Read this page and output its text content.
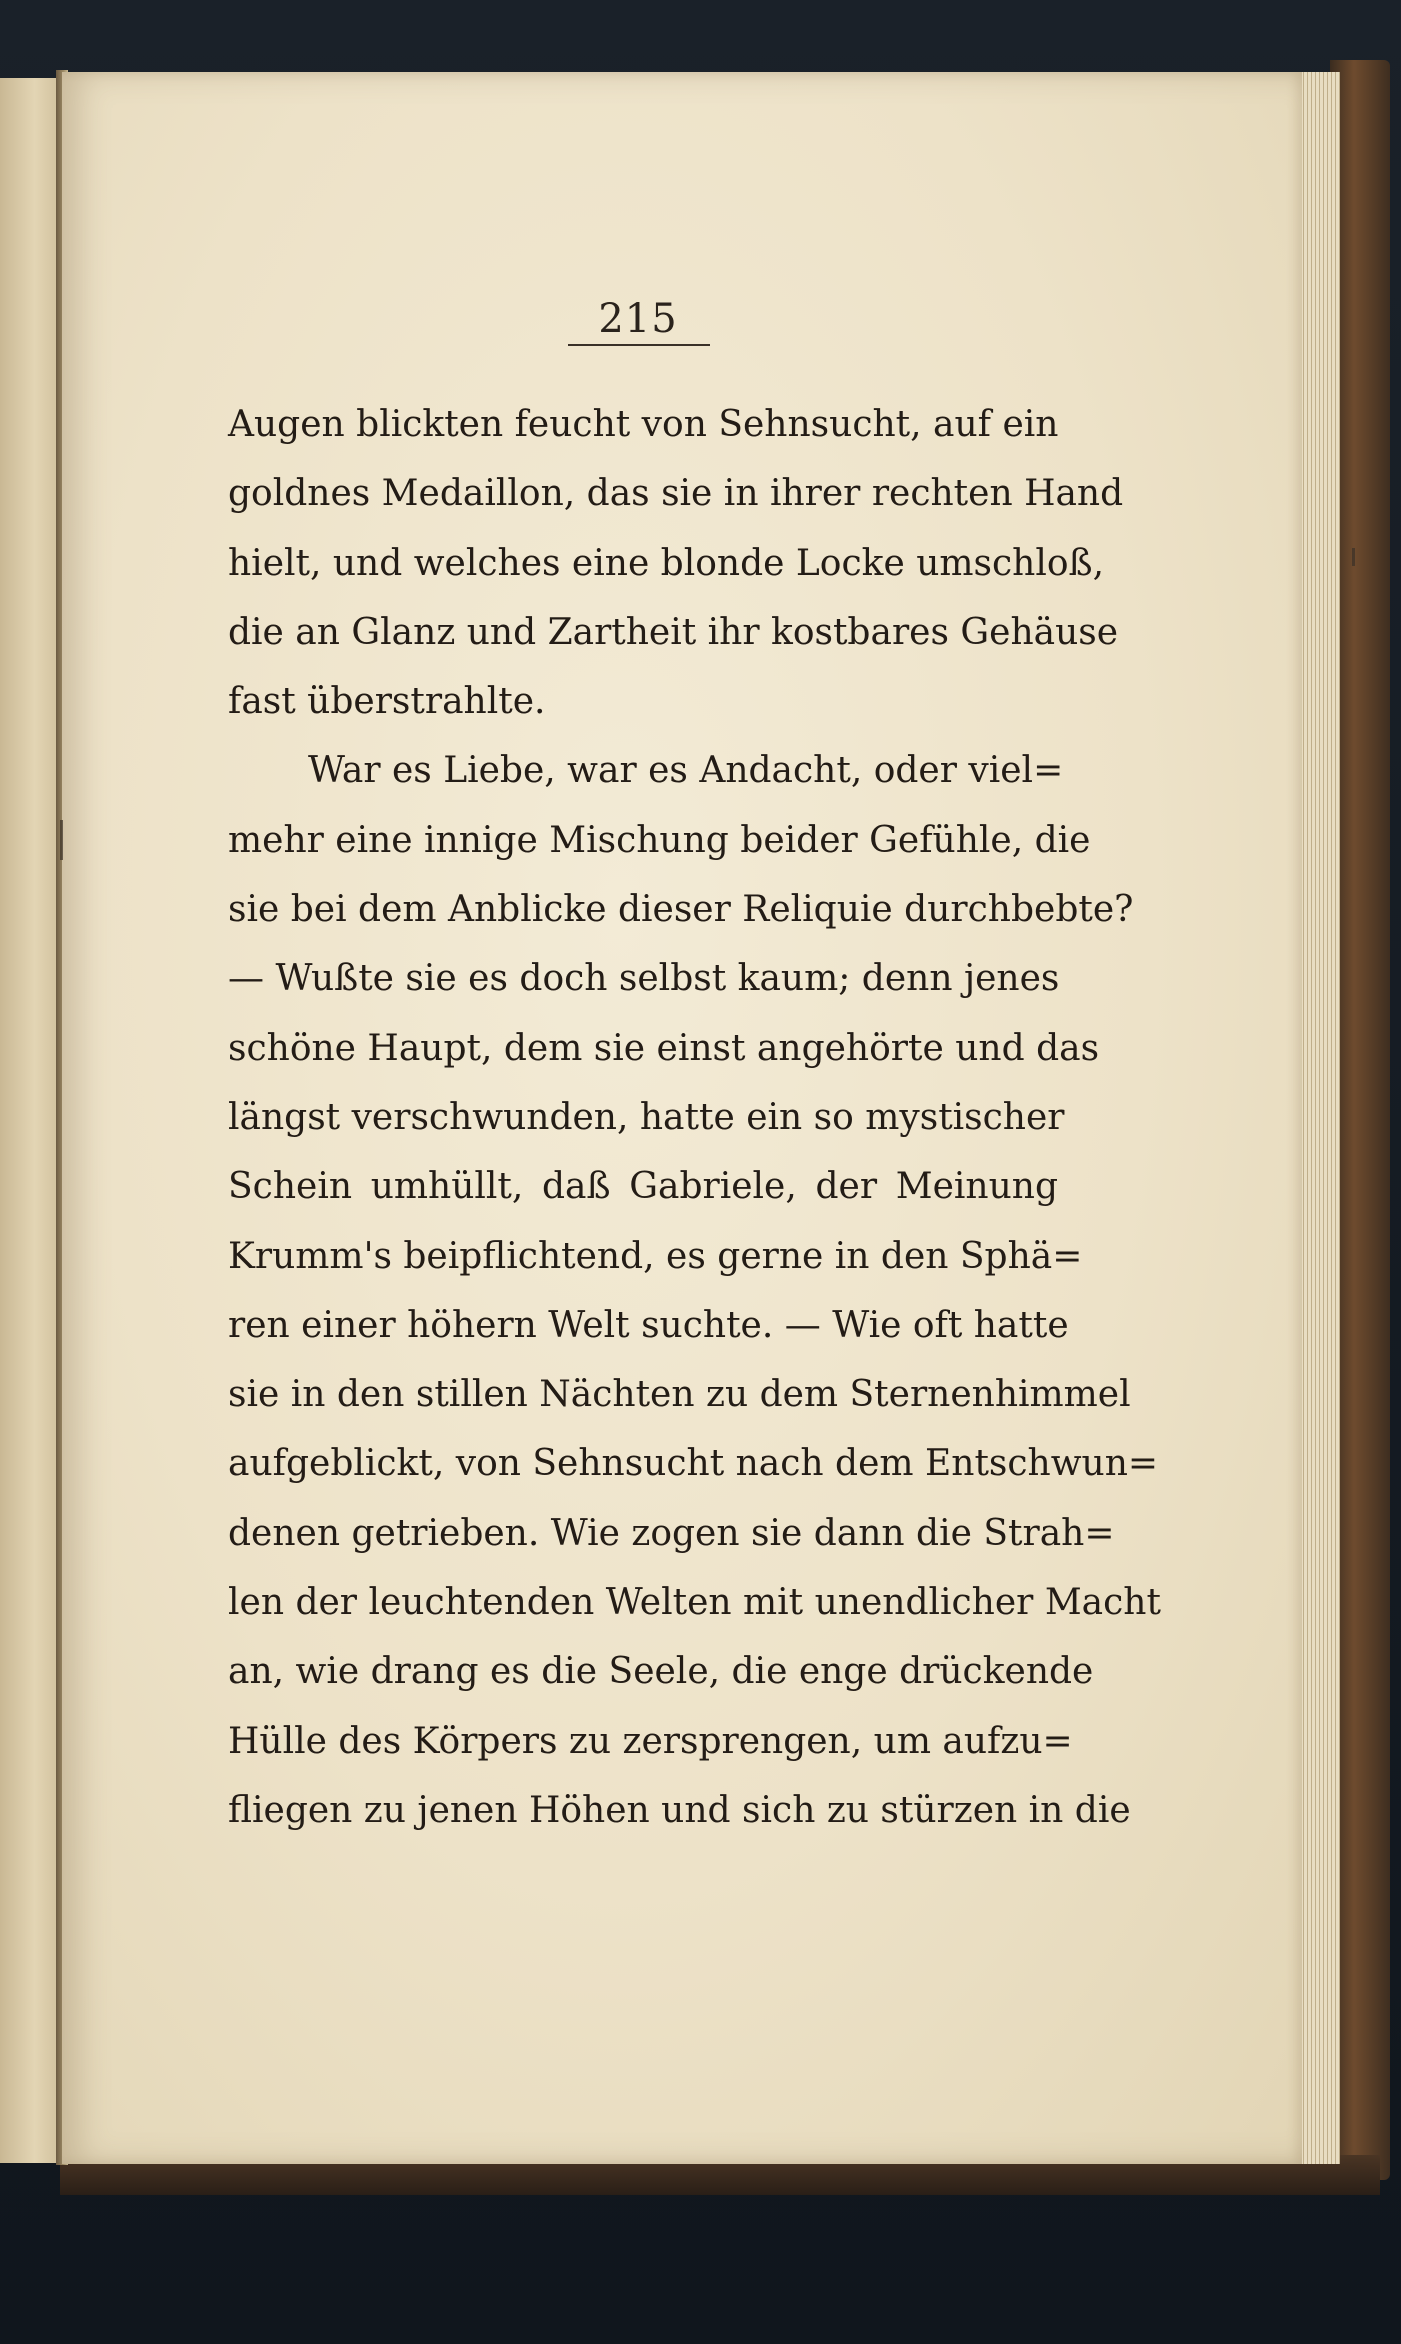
215
Augen blickten feucht von Sehnsucht, auf ein
goldnes Medaillon, das sie in ihrer rechten Hand
hielt, und welches eine blonde Locke umschloß,
die an Glanz und Zartheit ihr kostbares Gehäuse
fast überstrahlte.
War es Liebe, war es Andacht, oder viel=
mehr eine innige Mischung beider Gefühle, die
sie bei dem Anblicke dieser Reliquie durchbebte?
— Wußte sie es doch selbst kaum; denn jenes
schöne Haupt, dem sie einst angehörte und das
längst verschwunden, hatte ein so mystischer
Schein umhüllt, daß Gabriele, der Meinung
Krumm's beipflichtend, es gerne in den Sphä=
ren einer höhern Welt suchte. — Wie oft hatte
sie in den stillen Nächten zu dem Sternenhimmel
aufgeblickt, von Sehnsucht nach dem Entschwun=
denen getrieben. Wie zogen sie dann die Strah=
len der leuchtenden Welten mit unendlicher Macht
an, wie drang es die Seele, die enge drückende
Hülle des Körpers zu zersprengen, um aufzu=
fliegen zu jenen Höhen und sich zu stürzen in die
